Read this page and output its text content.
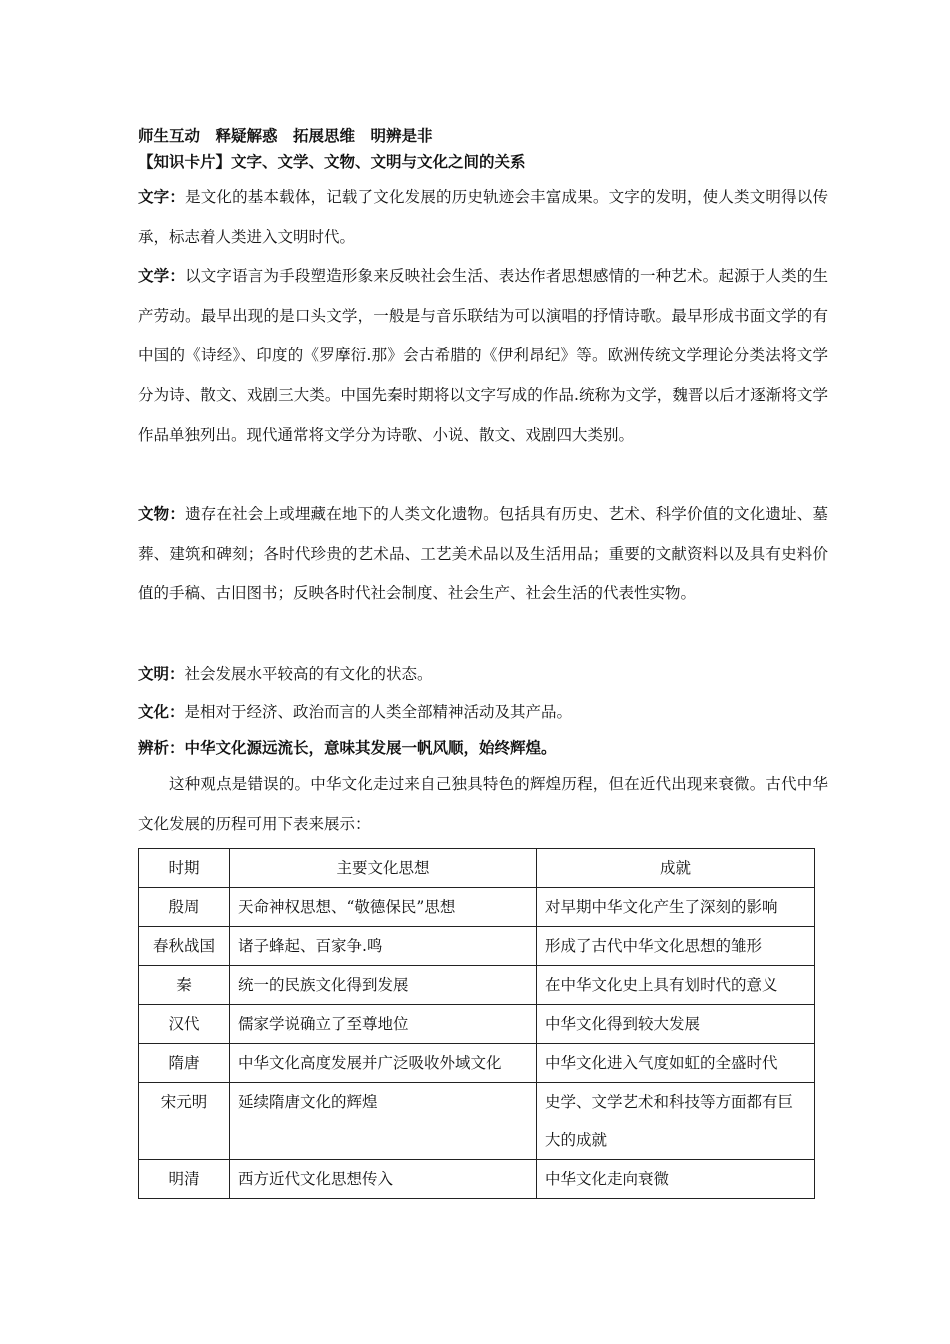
师生互动　释疑解惑　拓展思维　明辨是非
【知识卡片】文字、文学、文物、文明与文化之间的关系
文字：是文化的基本载体，记载了文化发展的历史轨迹会丰富成果。文字的发明，使人类文明得以传承，标志着人类进入文明时代。
文学：以文字语言为手段塑造形象来反映社会生活、表达作者思想感情的一种艺术。起源于人类的生产劳动。最早出现的是口头文学，一般是与音乐联结为可以演唱的抒情诗歌。最早形成书面文学的有中国的《诗经》、印度的《罗摩衍.那》会古希腊的《伊利昂纪》等。欧洲传统文学理论分类法将文学分为诗、散文、戏剧三大类。中国先秦时期将以文字写成的作品.统称为文学，魏晋以后才逐渐将文学作品单独列出。现代通常将文学分为诗歌、小说、散文、戏剧四大类别。
文物：遗存在社会上或埋藏在地下的人类文化遗物。包括具有历史、艺术、科学价值的文化遗址、墓葬、建筑和碑刻；各时代珍贵的艺术品、工艺美术品以及生活用品；重要的文献资料以及具有史料价值的手稿、古旧图书；反映各时代社会制度、社会生产、社会生活的代表性实物。
文明：社会发展水平较高的有文化的状态。
文化：是相对于经济、政治而言的人类全部精神活动及其产品。
辨析：中华文化源远流长，意味其发展一帆风顺，始终辉煌。
这种观点是错误的。中华文化走过来自己独具特色的辉煌历程，但在近代出现来衰微。古代中华文化发展的历程可用下表来展示：
时期	主要文化思想	成就
殷周	天命神权思想、“敬德保民”思想	对早期中华文化产生了深刻的影响
春秋战国	诸子蜂起、百家争.鸣	形成了古代中华文化思想的雏形
秦	统一的民族文化得到发展	在中华文化史上具有划时代的意义
汉代	儒家学说确立了至尊地位	中华文化得到较大发展
隋唐	中华文化高度发展并广泛吸收外域文化	中华文化进入气度如虹的全盛时代
宋元明	延续隋唐文化的辉煌	史学、文学艺术和科技等方面都有巨大的成就
明清	西方近代文化思想传入	中华文化走向衰微
